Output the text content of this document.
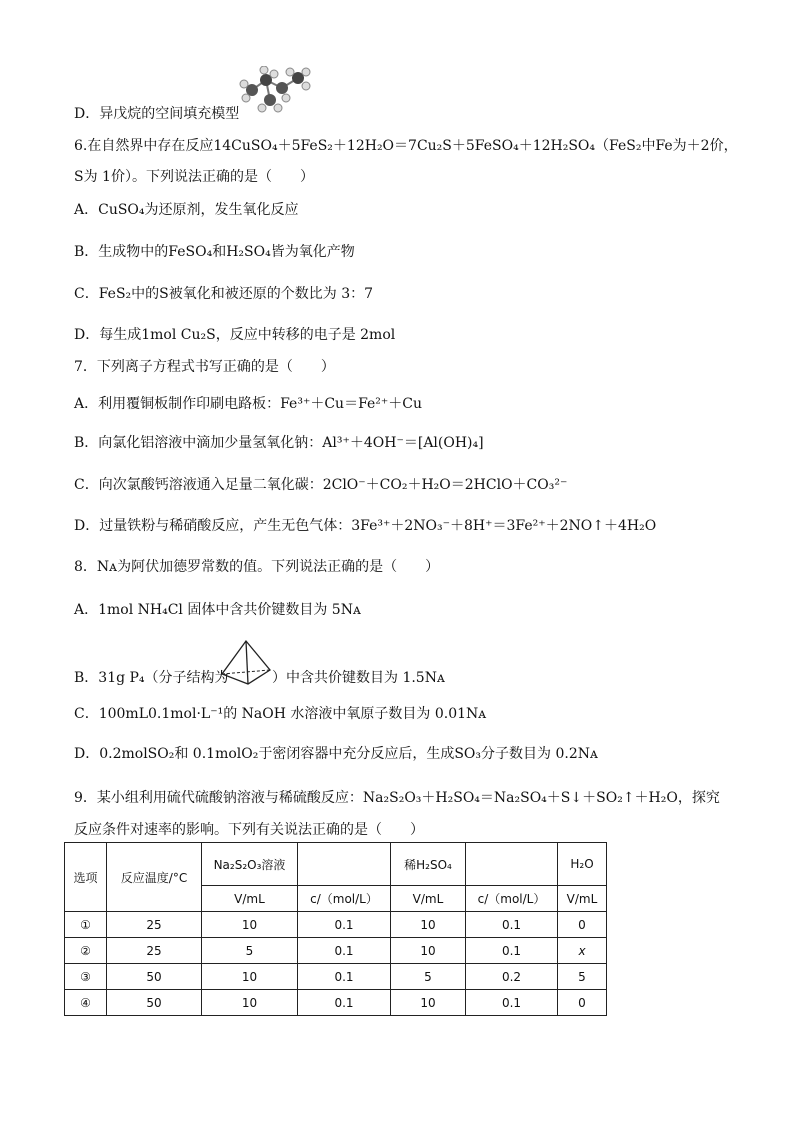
D．异戊烷的空间填充模型
6.在自然界中存在反应14CuSO₄＋5FeS₂＋12H₂O＝7Cu₂S＋5FeSO₄＋12H₂SO₄（FeS₂中Fe为＋2价，
S为 1价）。下列说法正确的是（　　）
A．CuSO₄为还原剂，发生氧化反应
B．生成物中的FeSO₄和H₂SO₄皆为氧化产物
C．FeS₂中的S被氧化和被还原的个数比为 3：7
D．每生成1mol Cu₂S，反应中转移的电子是 2mol
7．下列离子方程式书写正确的是（　　）
A．利用覆铜板制作印刷电路板：Fe³⁺＋Cu＝Fe²⁺＋Cu
B．向氯化铝溶液中滴加少量氢氧化钠：Al³⁺＋4OH⁻＝[Al(OH)₄]
C．向次氯酸钙溶液通入足量二氧化碳：2ClO⁻＋CO₂＋H₂O＝2HClO＋CO₃²⁻
D．过量铁粉与稀硝酸反应，产生无色气体：3Fe³⁺＋2NO₃⁻＋8H⁺＝3Fe²⁺＋2NO↑＋4H₂O
8．Nᴀ为阿伏加德罗常数的值。下列说法正确的是（　　）
A．1mol NH₄Cl 固体中含共价键数目为 5Nᴀ
B．31g P₄（分子结构为	）中含共价键数目为 1.5Nᴀ
C．100mL0.1mol·L⁻¹的 NaOH 水溶液中氧原子数目为 0.01Nᴀ
D．0.2molSO₂和 0.1molO₂于密闭容器中充分反应后，生成SO₃分子数目为 0.2Nᴀ
9．某小组利用硫代硫酸钠溶液与稀硫酸反应：Na₂S₂O₃＋H₂SO₄＝Na₂SO₄＋S↓＋SO₂↑＋H₂O，探究
反应条件对速率的影响。下列有关说法正确的是（　　）
选项	反应温度/°C	Na₂S₂O₃溶液		稀H₂SO₄		H₂O
		V/mL	c/（mol/L）	V/mL	c/（mol/L）	V/mL
①	25	10	0.1	10	0.1	0
②	25	5	0.1	10	0.1	x
③	50	10	0.1	5	0.2	5
④	50	10	0.1	10	0.1	0
